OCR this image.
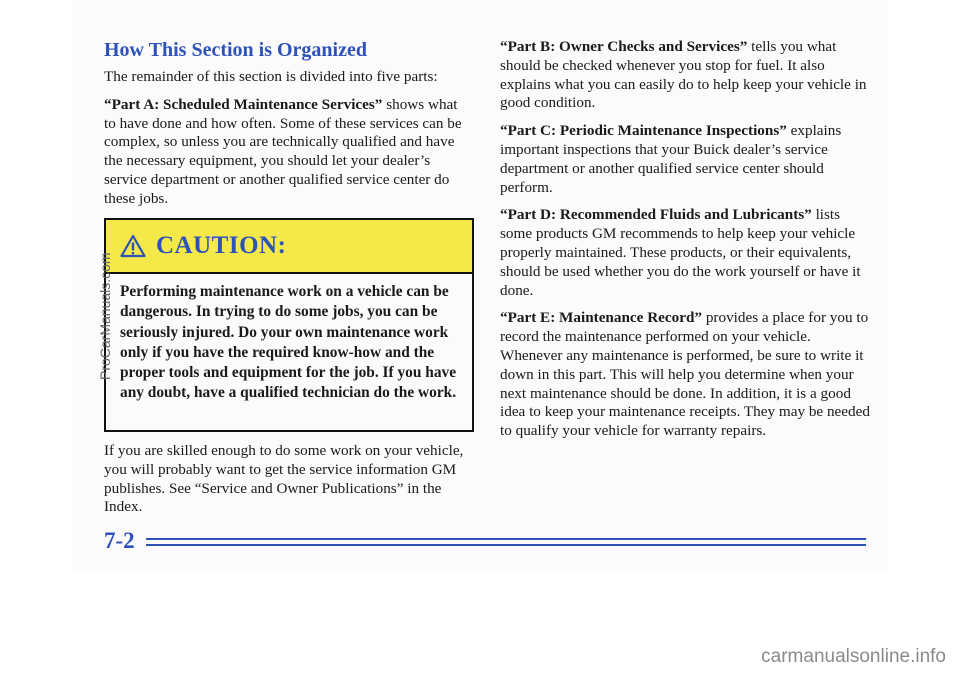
How This Section is Organized

The remainder of this section is divided into five parts:

“Part A: Scheduled Maintenance Services” shows what to have done and how often. Some of these services can be complex, so unless you are technically qualified and have the necessary equipment, you should let your dealer’s service department or another qualified service center do these jobs.

CAUTION:
Performing maintenance work on a vehicle can be dangerous. In trying to do some jobs, you can be seriously injured. Do your own maintenance work only if you have the required know-how and the proper tools and equipment for the job. If you have any doubt, have a qualified technician do the work.

If you are skilled enough to do some work on your vehicle, you will probably want to get the service information GM publishes. See “Service and Owner Publications” in the Index.

“Part B: Owner Checks and Services” tells you what should be checked whenever you stop for fuel. It also explains what you can easily do to help keep your vehicle in good condition.

“Part C: Periodic Maintenance Inspections” explains important inspections that your Buick dealer’s service department or another qualified service center should perform.

“Part D: Recommended Fluids and Lubricants” lists some products GM recommends to help keep your vehicle properly maintained. These products, or their equivalents, should be used whether you do the work yourself or have it done.

“Part E: Maintenance Record” provides a place for you to record the maintenance performed on your vehicle. Whenever any maintenance is performed, be sure to write it down in this part. This will help you determine when your next maintenance should be done. In addition, it is a good idea to keep your maintenance receipts. They may be needed to qualify your vehicle for warranty repairs.

7-2
ProCarManuals.com
carmanualsonline.info
